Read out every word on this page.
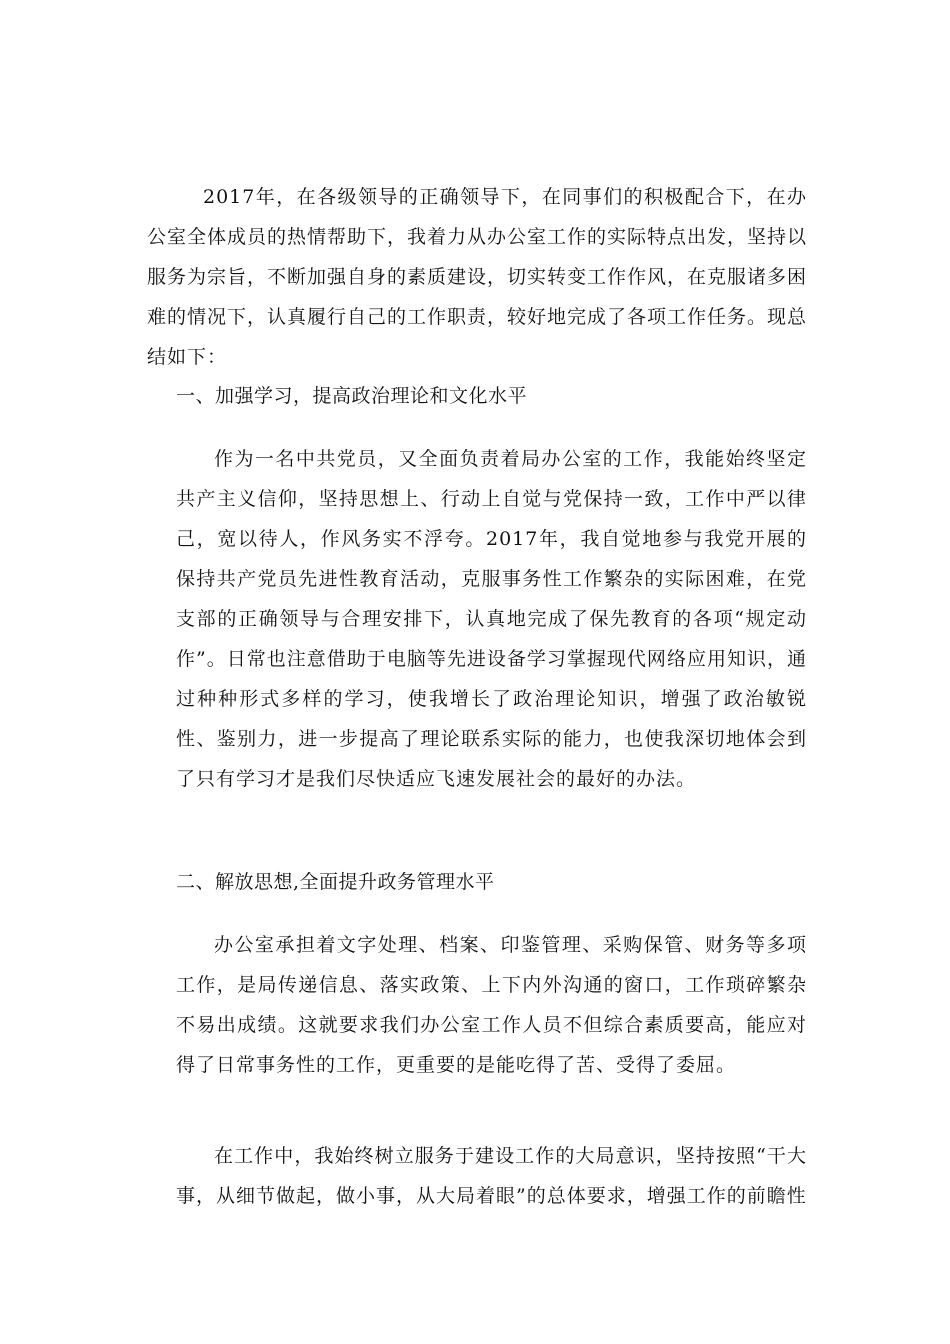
2017年，在各级领导的正确领导下，在同事们的积极配合下，在办公室全体成员的热情帮助下，我着力从办公室工作的实际特点出发，坚持以服务为宗旨，不断加强自身的素质建设，切实转变工作作风，在克服诸多困难的情况下，认真履行自己的工作职责，较好地完成了各项工作任务。现总结如下：

一、加强学习，提高政治理论和文化水平

作为一名中共党员，又全面负责着局办公室的工作，我能始终坚定共产主义信仰，坚持思想上、行动上自觉与党保持一致，工作中严以律己，宽以待人，作风务实不浮夸。2017年，我自觉地参与我党开展的保持共产党员先进性教育活动，克服事务性工作繁杂的实际困难，在党支部的正确领导与合理安排下，认真地完成了保先教育的各项“规定动作”。日常也注意借助于电脑等先进设备学习掌握现代网络应用知识，通过种种形式多样的学习，使我增长了政治理论知识，增强了政治敏锐性、鉴别力，进一步提高了理论联系实际的能力，也使我深切地体会到了只有学习才是我们尽快适应飞速发展社会的最好的办法。

二、解放思想,全面提升政务管理水平

办公室承担着文字处理、档案、印鉴管理、采购保管、财务等多项工作，是局传递信息、落实政策、上下内外沟通的窗口，工作琐碎繁杂不易出成绩。这就要求我们办公室工作人员不但综合素质要高，能应对得了日常事务性的工作，更重要的是能吃得了苦、受得了委屈。

在工作中，我始终树立服务于建设工作的大局意识，坚持按照“干大事，从细节做起，做小事，从大局着眼”的总体要求，增强工作的前瞻性
